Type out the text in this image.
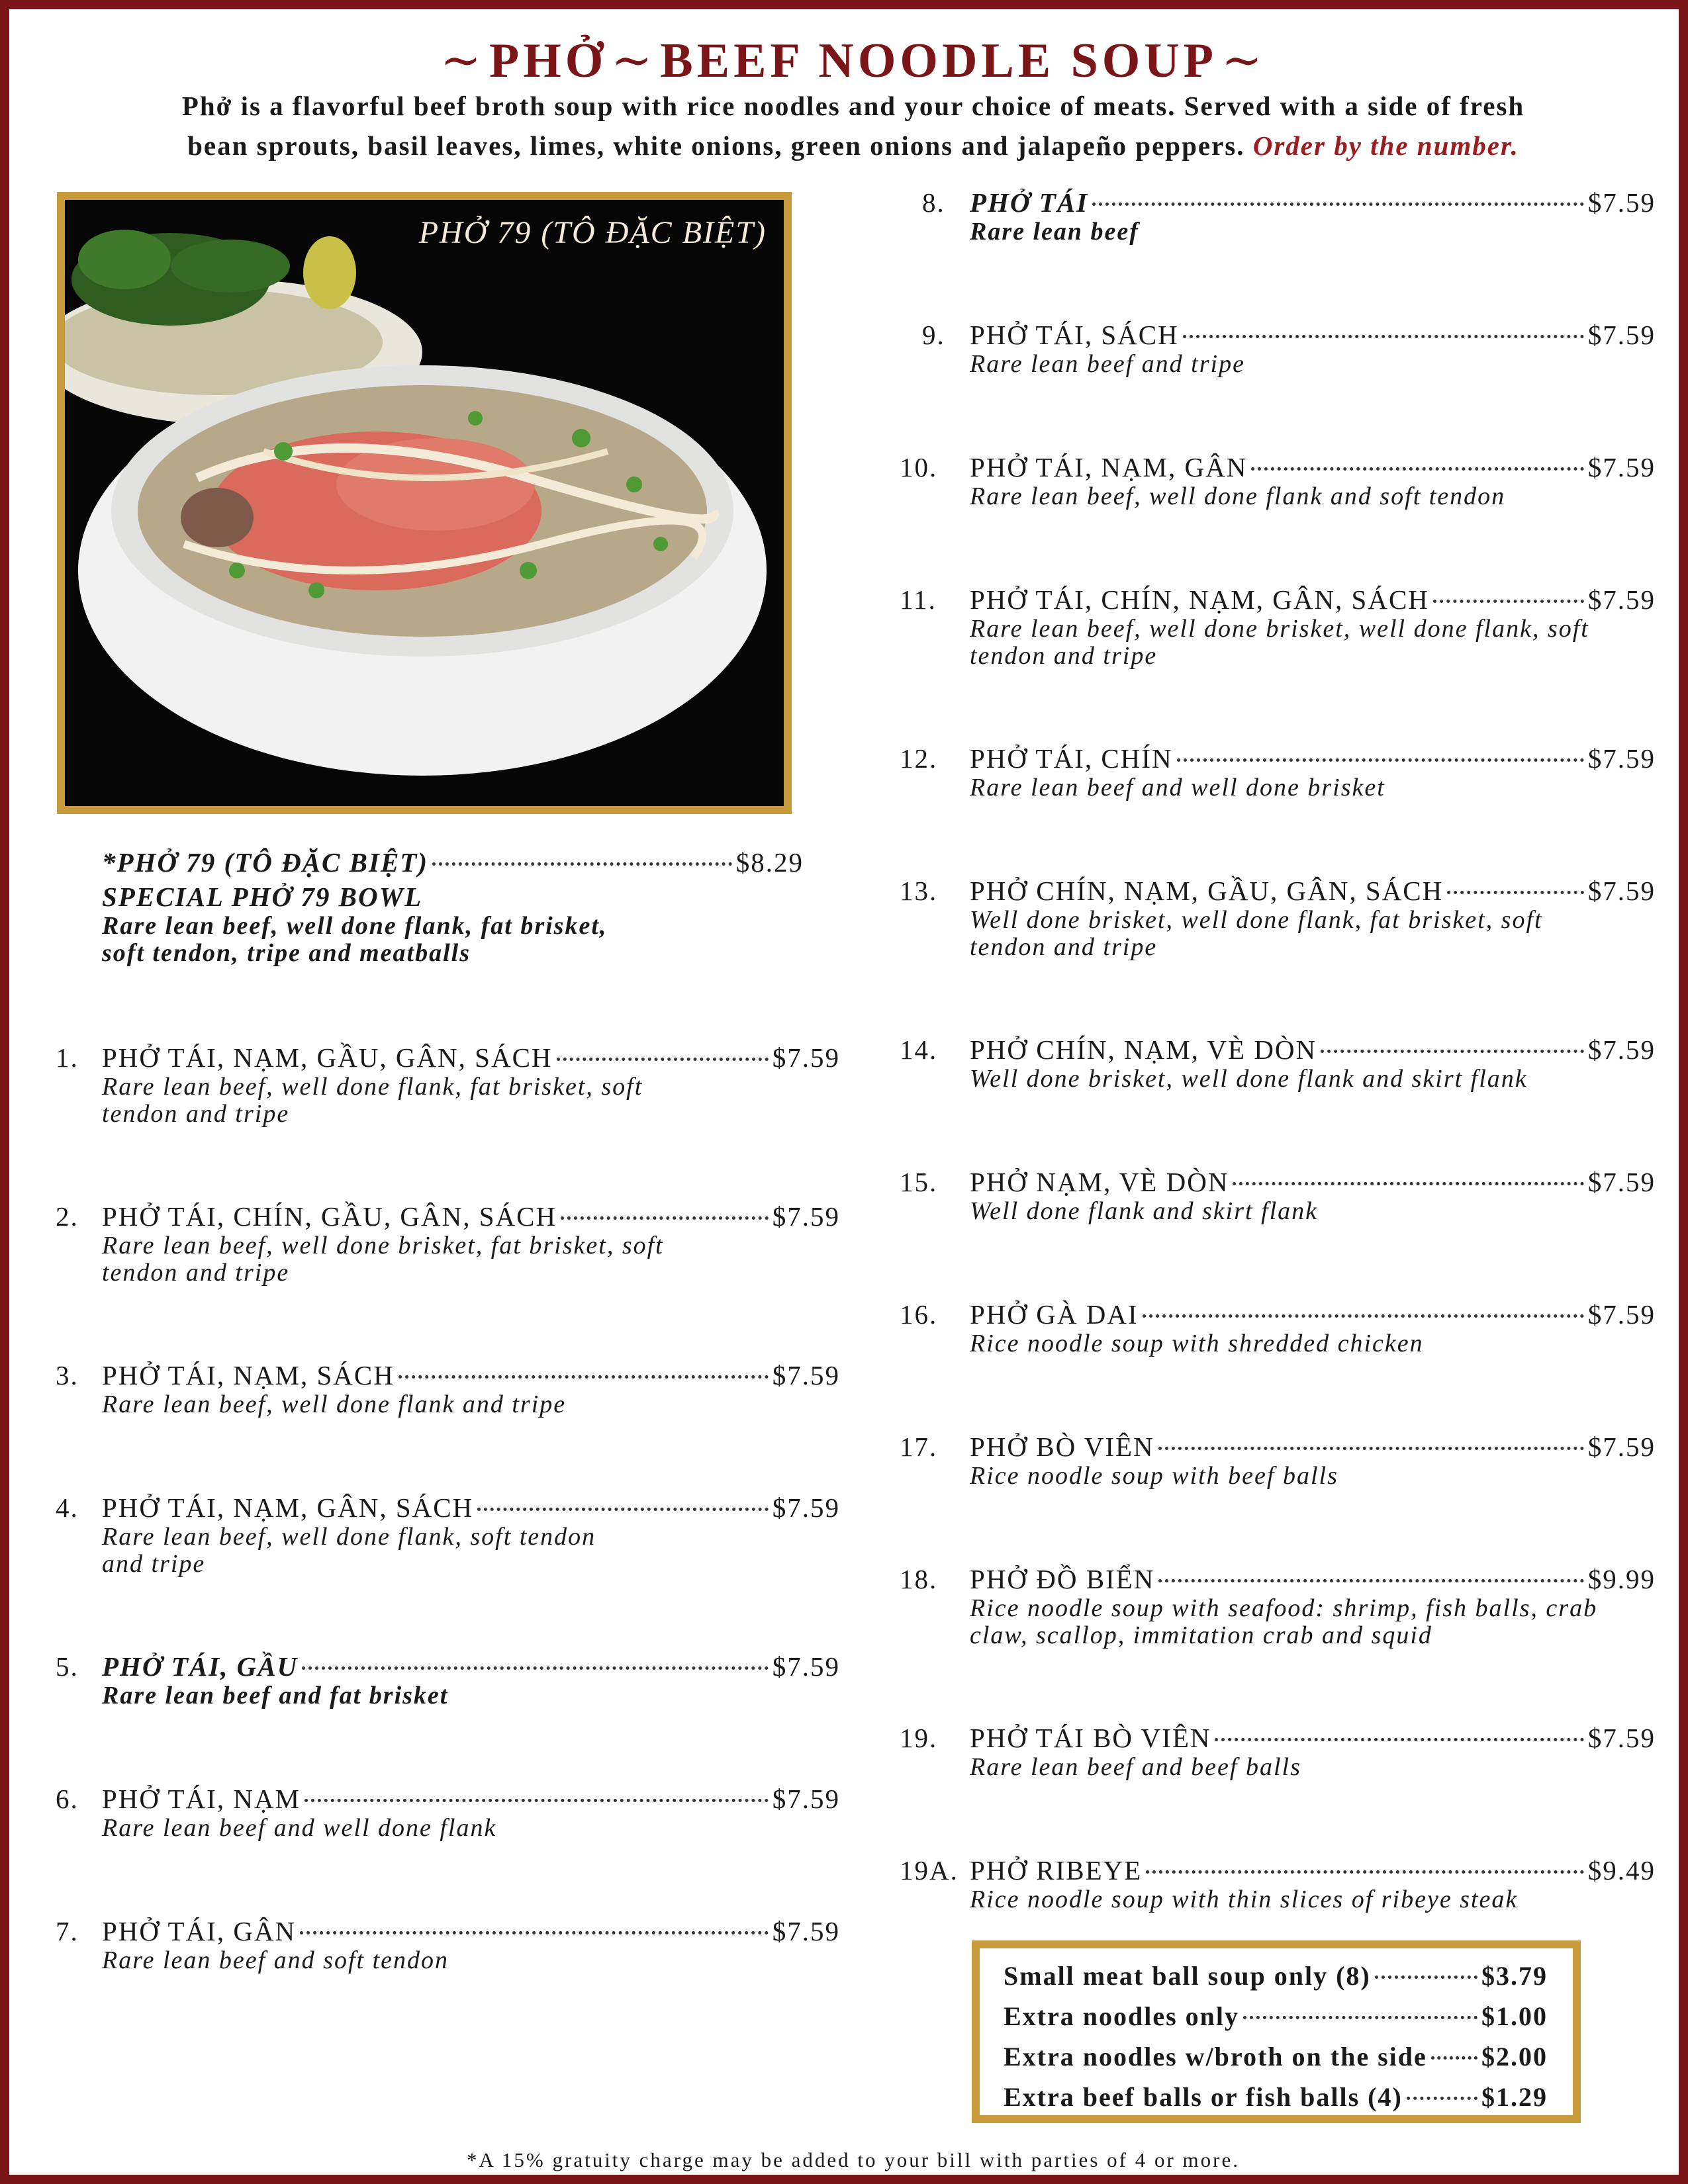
∼PHỞ∼BEEF NOODLE SOUP∼
Phở is a flavorful beef broth soup with rice noodles and your choice of meats. Served with a side of fresh
bean sprouts, basil leaves, limes, white onions, green onions and jalapeño peppers. Order by the number.
PHỞ 79 (TÔ ĐẶC BIỆT)
*PHỞ 79 (TÔ ĐẶC BIỆT)	$8.29
SPECIAL PHỞ 79 BOWL
Rare lean beef, well done flank, fat brisket, soft tendon, tripe and meatballs
1. PHỞ TÁI, NẠM, GẦU, GÂN, SÁCH	$7.59
Rare lean beef, well done flank, fat brisket, soft tendon and tripe
2. PHỞ TÁI, CHÍN, GẦU, GÂN, SÁCH	$7.59
Rare lean beef, well done brisket, fat brisket, soft tendon and tripe
3. PHỞ TÁI, NẠM, SÁCH	$7.59
Rare lean beef, well done flank and tripe
4. PHỞ TÁI, NẠM, GÂN, SÁCH	$7.59
Rare lean beef, well done flank, soft tendon and tripe
5. PHỞ TÁI, GẦU	$7.59
Rare lean beef and fat brisket
6. PHỞ TÁI, NẠM	$7.59
Rare lean beef and well done flank
7. PHỞ TÁI, GÂN	$7.59
Rare lean beef and soft tendon
8. PHỞ TÁI	$7.59
Rare lean beef
9. PHỞ TÁI, SÁCH	$7.59
Rare lean beef and tripe
10. PHỞ TÁI, NẠM, GÂN	$7.59
Rare lean beef, well done flank and soft tendon
11. PHỞ TÁI, CHÍN, NẠM, GÂN, SÁCH	$7.59
Rare lean beef, well done brisket, well done flank, soft tendon and tripe
12. PHỞ TÁI, CHÍN	$7.59
Rare lean beef and well done brisket
13. PHỞ CHÍN, NẠM, GẦU, GÂN, SÁCH	$7.59
Well done brisket, well done flank, fat brisket, soft tendon and tripe
14. PHỞ CHÍN, NẠM, VÈ DÒN	$7.59
Well done brisket, well done flank and skirt flank
15. PHỞ NẠM, VÈ DÒN	$7.59
Well done flank and skirt flank
16. PHỞ GÀ DAI	$7.59
Rice noodle soup with shredded chicken
17. PHỞ BÒ VIÊN	$7.59
Rice noodle soup with beef balls
18. PHỞ ĐỒ BIỂN	$9.99
Rice noodle soup with seafood: shrimp, fish balls, crab claw, scallop, immitation crab and squid
19. PHỞ TÁI BÒ VIÊN	$7.59
Rare lean beef and beef balls
19A. PHỞ RIBEYE	$9.49
Rice noodle soup with thin slices of ribeye steak
Small meat ball soup only (8)	$3.79
Extra noodles only	$1.00
Extra noodles w/broth on the side $2.00
Extra beef balls or fish balls (4)	$1.29
*A 15% gratuity charge may be added to your bill with parties of 4 or more.
